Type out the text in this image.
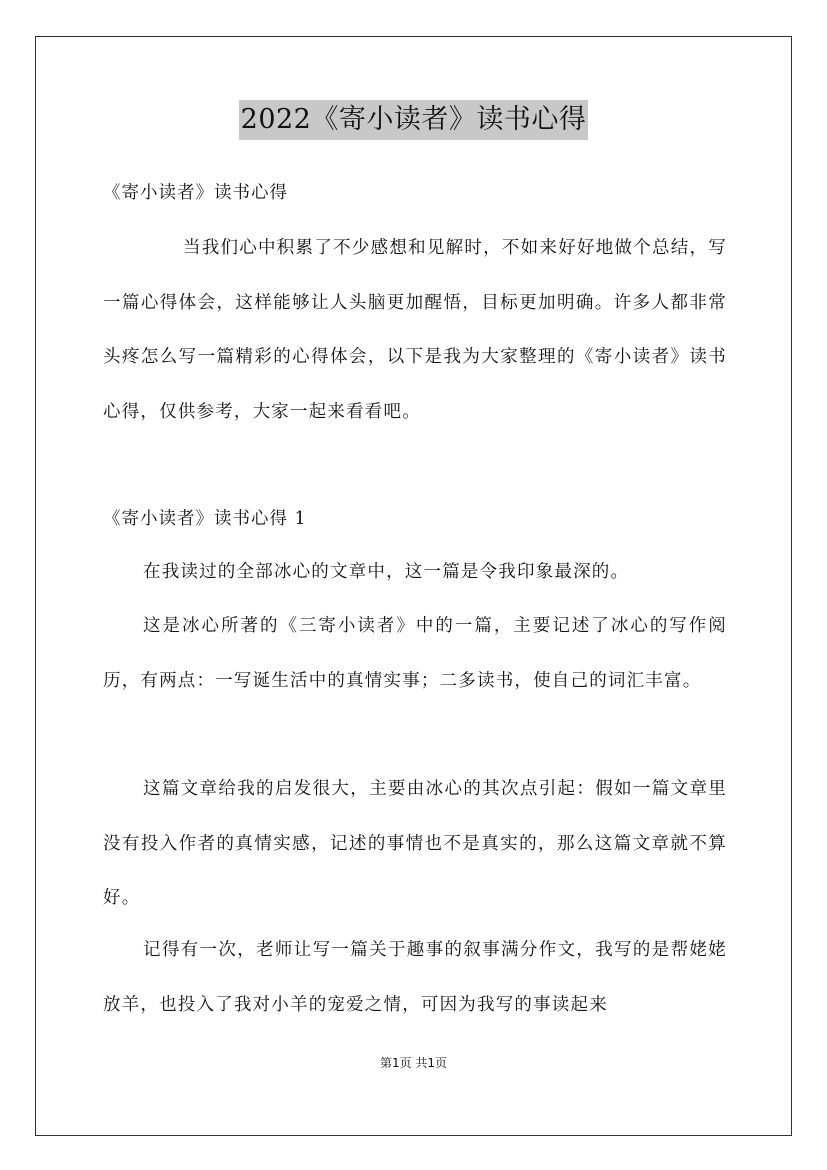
2022《寄小读者》读书心得
《寄小读者》读书心得
当我们心中积累了不少感想和见解时，不如来好好地做个总结，写一篇心得体会，这样能够让人头脑更加醒悟，目标更加明确。许多人都非常头疼怎么写一篇精彩的心得体会，以下是我为大家整理的《寄小读者》读书心得，仅供参考，大家一起来看看吧。
《寄小读者》读书心得 1
在我读过的全部冰心的文章中，这一篇是令我印象最深的。
这是冰心所著的《三寄小读者》中的一篇，主要记述了冰心的写作阅历，有两点：一写诞生活中的真情实事；二多读书，使自己的词汇丰富。
这篇文章给我的启发很大，主要由冰心的其次点引起：假如一篇文章里没有投入作者的真情实感，记述的事情也不是真实的，那么这篇文章就不算好。
记得有一次，老师让写一篇关于趣事的叙事满分作文，我写的是帮姥姥放羊，也投入了我对小羊的宠爱之情，可因为我写的事读起来
第1页 共1页
